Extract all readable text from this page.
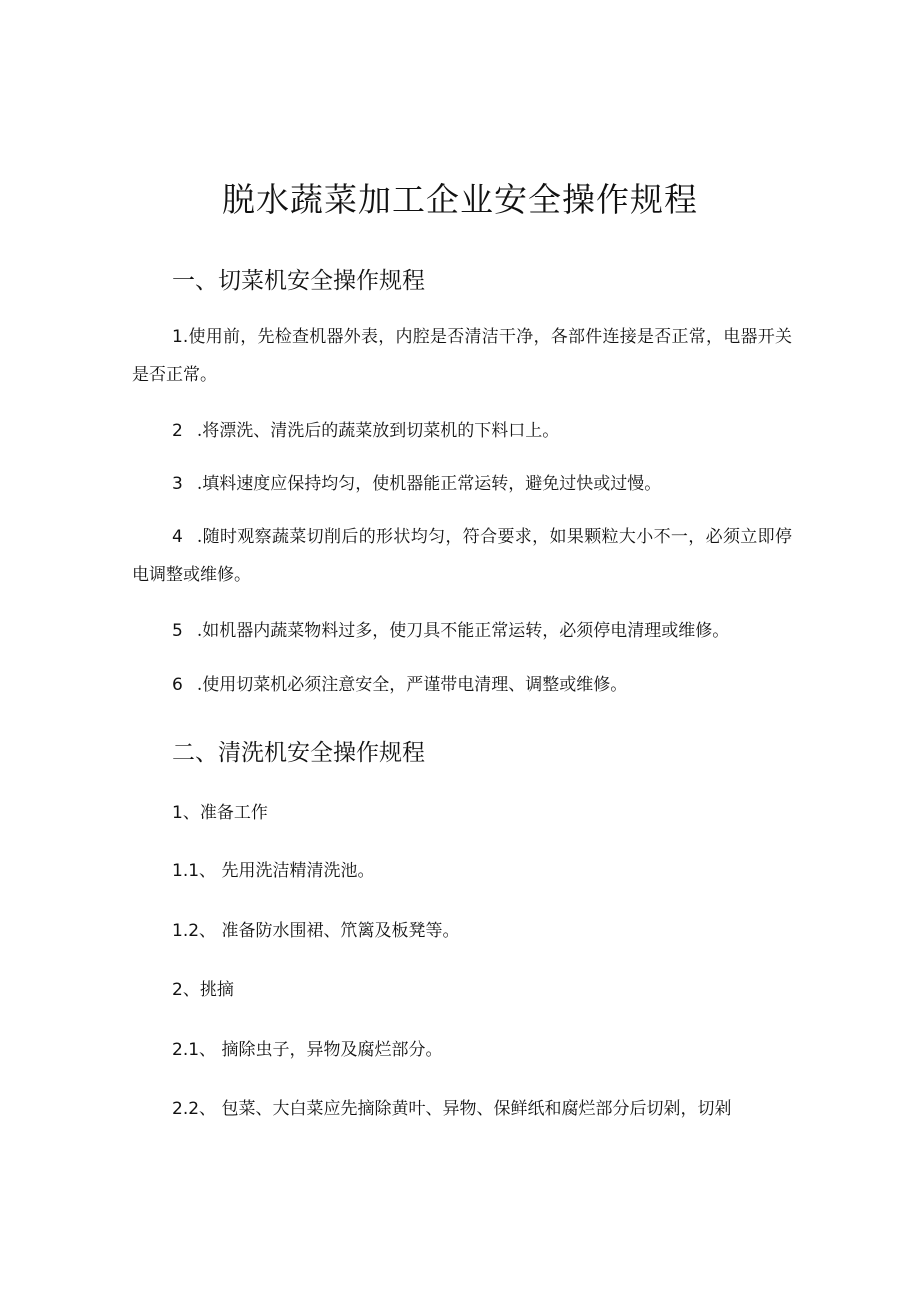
脱水蔬菜加工企业安全操作规程
一、切菜机安全操作规程
1.使用前，先检查机器外表，内腔是否清洁干净，各部件连接是否正常，电器开关是否正常。
2 .将漂洗、清洗后的蔬菜放到切菜机的下料口上。
3 .填料速度应保持均匀，使机器能正常运转，避免过快或过慢。
4 .随时观察蔬菜切削后的形状均匀，符合要求，如果颗粒大小不一，必须立即停电调整或维修。
5 .如机器内蔬菜物料过多，使刀具不能正常运转，必须停电清理或维修。
6 .使用切菜机必须注意安全，严谨带电清理、调整或维修。
二、清洗机安全操作规程
1、准备工作
1.1、 先用洗洁精清洗池。
1.2、 准备防水围裙、笊篱及板凳等。
2、挑摘
2.1、 摘除虫子，异物及腐烂部分。
2.2、 包菜、大白菜应先摘除黄叶、异物、保鲜纸和腐烂部分后切剁，切剁
